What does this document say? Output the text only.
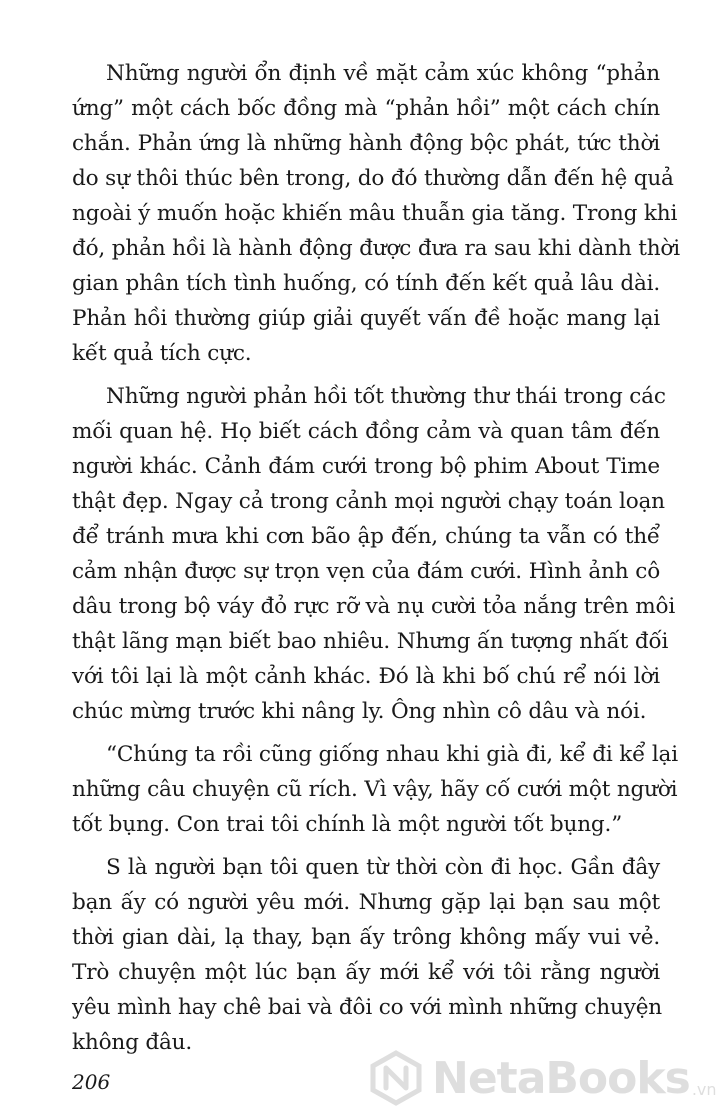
Những người ổn định về mặt cảm xúc không “phản
ứng” một cách bốc đồng mà “phản hồi” một cách chín
chắn. Phản ứng là những hành động bộc phát, tức thời
do sự thôi thúc bên trong, do đó thường dẫn đến hệ quả
ngoài ý muốn hoặc khiến mâu thuẫn gia tăng. Trong khi
đó, phản hồi là hành động được đưa ra sau khi dành thời
gian phân tích tình huống, có tính đến kết quả lâu dài.
Phản hồi thường giúp giải quyết vấn đề hoặc mang lại
kết quả tích cực.
Những người phản hồi tốt thường thư thái trong các
mối quan hệ. Họ biết cách đồng cảm và quan tâm đến
người khác. Cảnh đám cưới trong bộ phim About Time
thật đẹp. Ngay cả trong cảnh mọi người chạy toán loạn
để tránh mưa khi cơn bão ập đến, chúng ta vẫn có thể
cảm nhận được sự trọn vẹn của đám cưới. Hình ảnh cô
dâu trong bộ váy đỏ rực rỡ và nụ cười tỏa nắng trên môi
thật lãng mạn biết bao nhiêu. Nhưng ấn tượng nhất đối
với tôi lại là một cảnh khác. Đó là khi bố chú rể nói lời
chúc mừng trước khi nâng ly. Ông nhìn cô dâu và nói.
“Chúng ta rồi cũng giống nhau khi già đi, kể đi kể lại
những câu chuyện cũ rích. Vì vậy, hãy cố cưới một người
tốt bụng. Con trai tôi chính là một người tốt bụng.”
S là người bạn tôi quen từ thời còn đi học. Gần đây
bạn ấy có người yêu mới. Nhưng gặp lại bạn sau một
thời gian dài, lạ thay, bạn ấy trông không mấy vui vẻ.
Trò chuyện một lúc bạn ấy mới kể với tôi rằng người
yêu mình hay chê bai và đôi co với mình những chuyện
không đâu.
206	NetaBooks .vn
